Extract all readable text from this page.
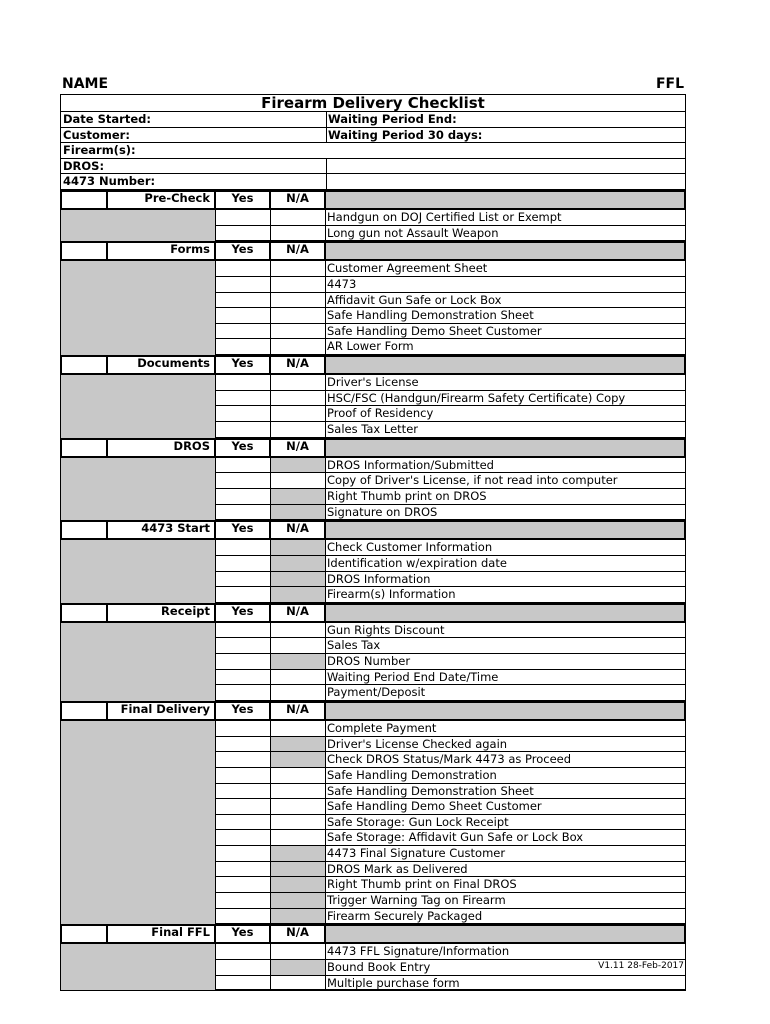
NAME	FFL
Firearm Delivery Checklist
Date Started:	Waiting Period End:
Customer:	Waiting Period 30 days:
Firearm(s):
DROS:
4473 Number:
Pre-Check	Yes	N/A
Handgun on DOJ Certified List or Exempt
Long gun not Assault Weapon
Forms	Yes	N/A
Customer Agreement Sheet
4473
Affidavit Gun Safe or Lock Box
Safe Handling Demonstration Sheet
Safe Handling Demo Sheet Customer
AR Lower Form
Documents	Yes	N/A
Driver's License
HSC/FSC (Handgun/Firearm Safety Certificate) Copy
Proof of Residency
Sales Tax Letter
DROS	Yes	N/A
DROS Information/Submitted
Copy of Driver's License, if not read into computer
Right Thumb print on DROS
Signature on DROS
4473 Start	Yes	N/A
Check Customer Information
Identification w/expiration date
DROS Information
Firearm(s) Information
Receipt	Yes	N/A
Gun Rights Discount
Sales Tax
DROS Number
Waiting Period End Date/Time
Payment/Deposit
Final Delivery	Yes	N/A
Complete Payment
Driver's License Checked again
Check DROS Status/Mark 4473 as Proceed
Safe Handling Demonstration
Safe Handling Demonstration Sheet
Safe Handling Demo Sheet Customer
Safe Storage: Gun Lock Receipt
Safe Storage: Affidavit Gun Safe or Lock Box
4473 Final Signature Customer
DROS Mark as Delivered
Right Thumb print on Final DROS
Trigger Warning Tag on Firearm
Firearm Securely Packaged
Final FFL	Yes	N/A
4473 FFL Signature/Information
Bound Book Entry
Multiple purchase form
V1.11 28-Feb-2017
